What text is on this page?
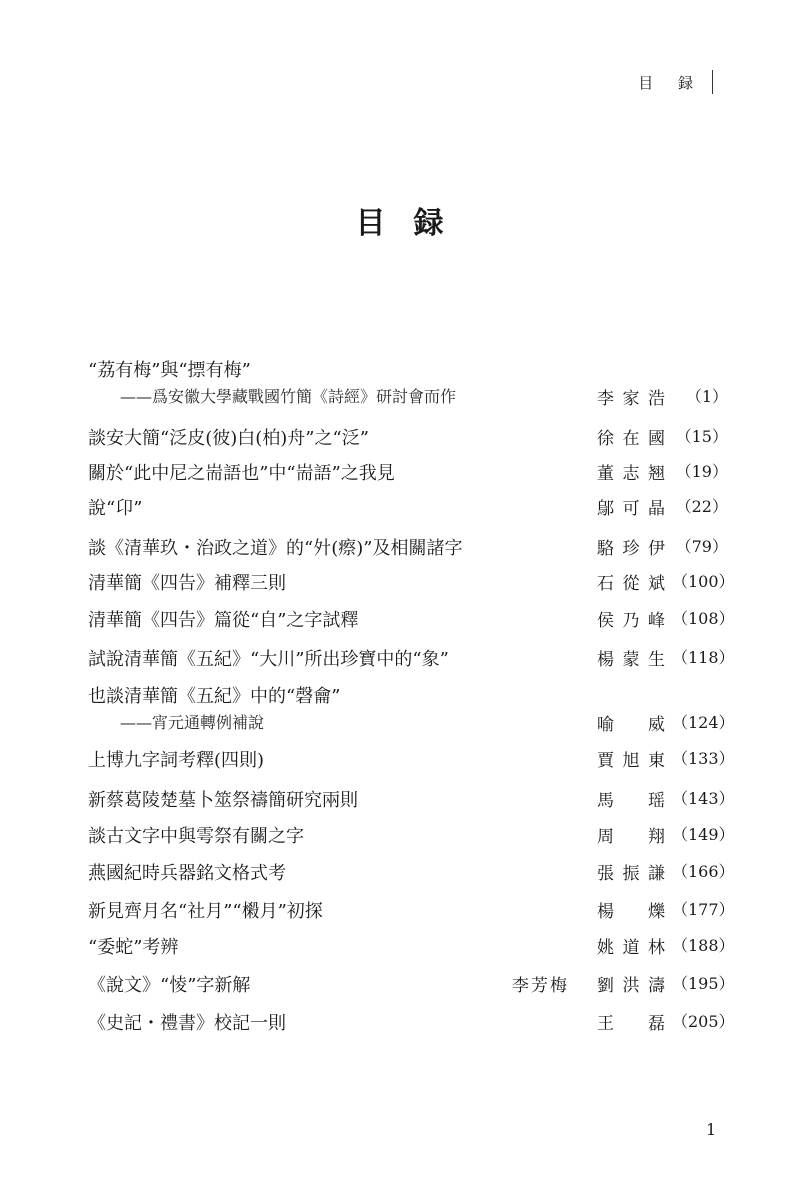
目 録
目録
“荔有梅”與“摽有梅”
——爲安徽大學藏戰國竹簡《詩經》研討會而作	李家浩	（1）
談安大簡“泛皮(彼)白(柏)舟”之“泛”	徐在國 （15）
關於“此中尼之耑語也”中“耑語”之我見	董志翘 （19）
說“卬”	鄔可晶 （22）
談《清華玖・治政之道》的“㚈(瘵)”及相關諸字	駱珍伊 （79）
清華簡《四告》補釋三則	石從斌 （100）
清華簡《四告》篇從“自”之字試釋	侯乃峰 （108）
試說清華簡《五紀》“大川”所出珍寶中的“象”	楊蒙生 （118）
也談清華簡《五紀》中的“磬龠”
——宵元通轉例補說	喻威 （124）
上博九字詞考釋(四則)	賈旭東 （133）
新蔡葛陵楚墓卜筮祭禱簡研究兩則	馬瑶 （143）
談古文字中與雩祭有關之字	周翔 （149）
燕國紀時兵器銘文格式考	張振謙 （166）
新見齊月名“社月”“樧月”初探	楊爍 （177）
“委蛇”考辨	姚道林 （188）
《說文》“㥄”字新解	李芳梅 劉洪濤 （195）
《史記・禮書》校記一則	王磊 （205）
1
